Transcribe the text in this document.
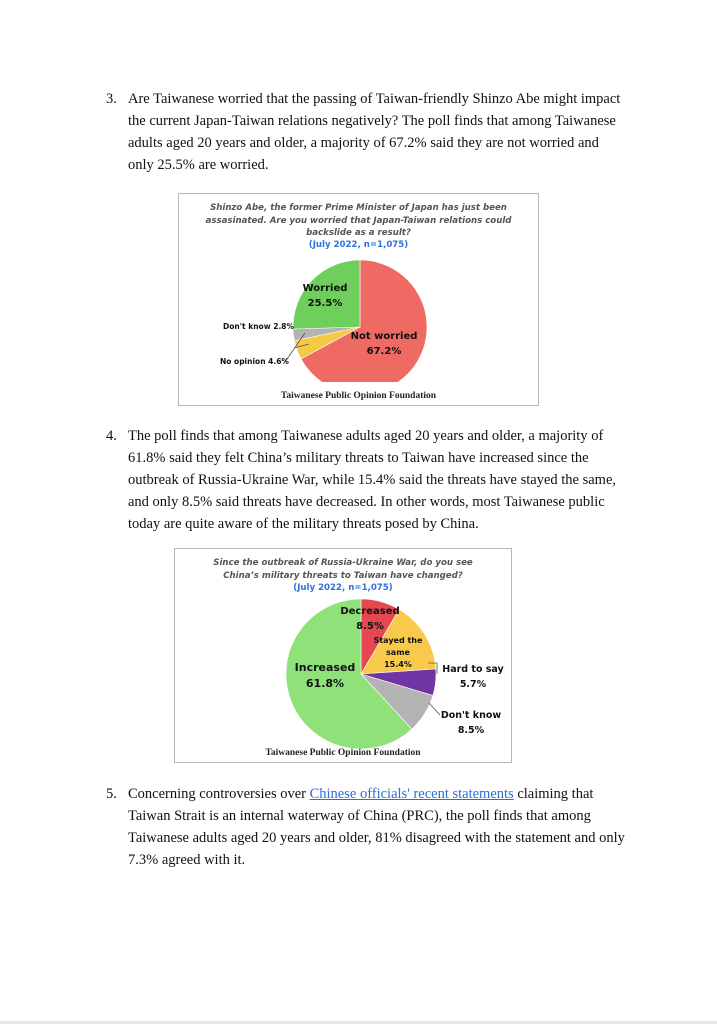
3. Are Taiwanese worried that the passing of Taiwan-friendly Shinzo Abe might impact the current Japan-Taiwan relations negatively? The poll finds that among Taiwanese adults aged 20 years and older, a majority of 67.2% said they are not worried and only 25.5% are worried.
Shinzo Abe, the former Prime Minister of Japan has just been
assasinated. Are you worried that Japan-Taiwan relations could
backslide as a result?
(July 2022, n=1,075)
Worried
25.5%
Not worried
67.2%
Don't know 2.8%
No opinion 4.6%
Taiwanese Public Opinion Foundation
4. The poll finds that among Taiwanese adults aged 20 years and older, a majority of 61.8% said they felt China’s military threats to Taiwan have increased since the outbreak of Russia-Ukraine War, while 15.4% said the threats have stayed the same, and only 8.5% said threats have decreased. In other words, most Taiwanese public today are quite aware of the military threats posed by China.
Since the outbreak of Russia-Ukraine War, do you see
China’s military threats to Taiwan have changed?
(July 2022, n=1,075)
Decreased
8.5%
Stayed the
same
15.4%	Hard to say
5.7%
Don't know
8.5%
Increased
61.8%
Taiwanese Public Opinion Foundation
5. Concerning controversies over Chinese officials' recent statements claiming that Taiwan Strait is an internal waterway of China (PRC), the poll finds that among Taiwanese adults aged 20 years and older, 81% disagreed with the statement and only 7.3% agreed with it.
